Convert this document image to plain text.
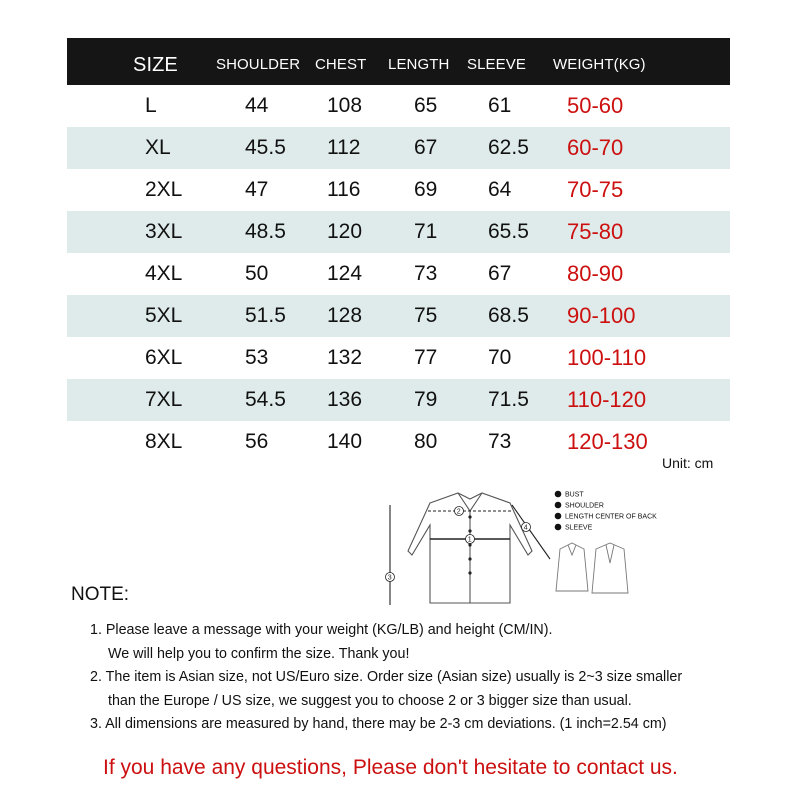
SIZE	SHOULDER CHEST LENGTH SLEEVE WEIGHT(KG)
L	44	108 65 61	50-60
XL	45.5 112	67 62.5 60-70
2XL	47	116	69 64	70-75
3XL	48.5 120 71 65.5 75-80
4XL	50	124 73 67	80-90
5XL	51.5 128 75 68.5 90-100
6XL	53	132 77 70	100-110
7XL	54.5 136 79 71.5 110-120
8XL	56	140 80 73	120-130
Unit: cm
2
1
3
4
BUST
SHOULDER
LENGTH CENTER OF BACK
SLEEVE
NOTE:
1. Please leave a message with your weight (KG/LB) and height (CM/IN).
We will help you to confirm the size. Thank you!
2. The item is Asian size, not US/Euro size. Order size (Asian size) usually is 2~3 size smaller
than the Europe / US size, we suggest you to choose 2 or 3 bigger size than usual.
3. All dimensions are measured by hand, there may be 2-3 cm deviations. (1 inch=2.54 cm)
If you have any questions, Please don't hesitate to contact us.
